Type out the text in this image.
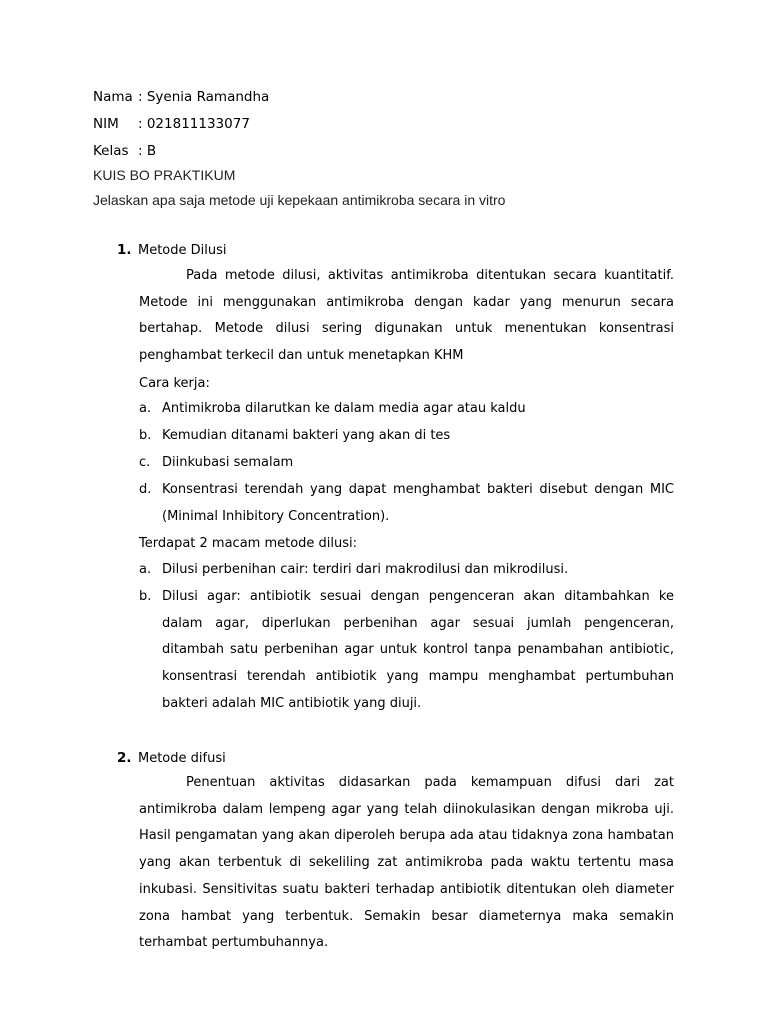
Nama : Syenia Ramandha
NIM : 021811133077
Kelas : B
KUIS BO PRAKTIKUM
Jelaskan apa saja metode uji kepekaan antimikroba secara in vitro
1. Metode Dilusi
Pada metode dilusi, aktivitas antimikroba ditentukan secara kuantitatif. Metode ini menggunakan antimikroba dengan kadar yang menurun secara bertahap. Metode dilusi sering digunakan untuk menentukan konsentrasi penghambat terkecil dan untuk menetapkan KHM
Cara kerja:
a. Antimikroba dilarutkan ke dalam media agar atau kaldu
b. Kemudian ditanami bakteri yang akan di tes
c. Diinkubasi semalam
d. Konsentrasi terendah yang dapat menghambat bakteri disebut dengan MIC (Minimal Inhibitory Concentration).
Terdapat 2 macam metode dilusi:
a. Dilusi perbenihan cair: terdiri dari makrodilusi dan mikrodilusi.
b. Dilusi agar: antibiotik sesuai dengan pengenceran akan ditambahkan ke dalam agar, diperlukan perbenihan agar sesuai jumlah pengenceran, ditambah satu perbenihan agar untuk kontrol tanpa penambahan antibiotic, konsentrasi terendah antibiotik yang mampu menghambat pertumbuhan bakteri adalah MIC antibiotik yang diuji.
2. Metode difusi
Penentuan aktivitas didasarkan pada kemampuan difusi dari zat antimikroba dalam lempeng agar yang telah diinokulasikan dengan mikroba uji. Hasil pengamatan yang akan diperoleh berupa ada atau tidaknya zona hambatan yang akan terbentuk di sekeliling zat antimikroba pada waktu tertentu masa inkubasi. Sensitivitas suatu bakteri terhadap antibiotik ditentukan oleh diameter zona hambat yang terbentuk. Semakin besar diameternya maka semakin terhambat pertumbuhannya.
